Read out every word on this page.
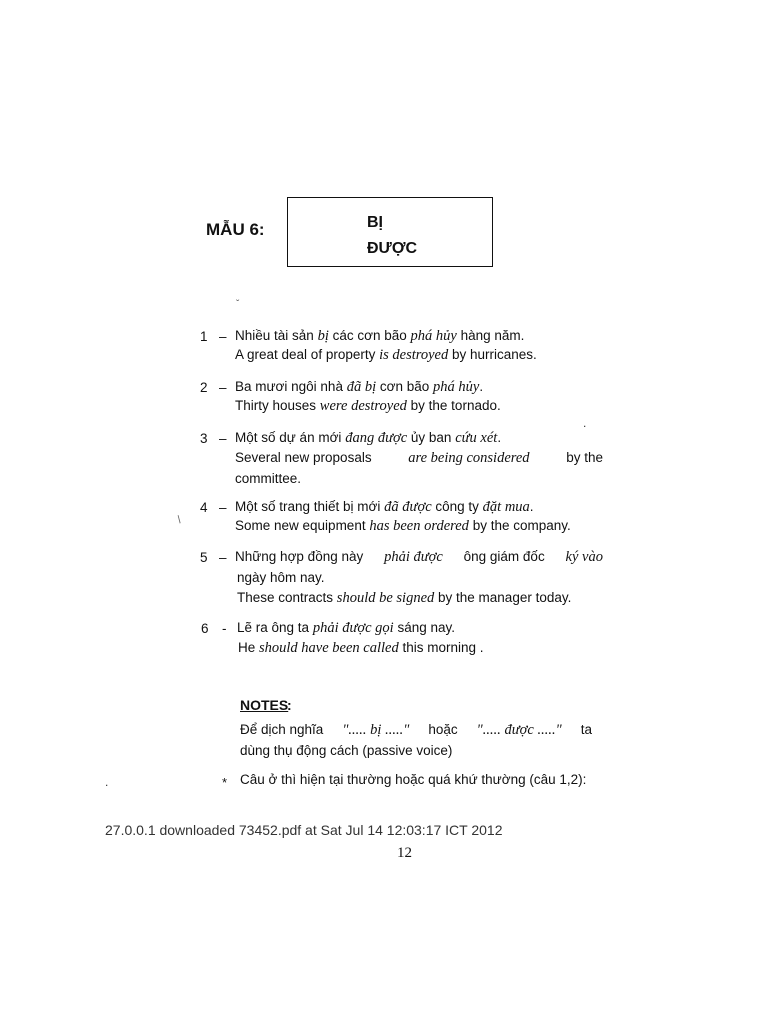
MẪU 6:	BỊ
ĐƯỢC
ˇ
1 – Nhiều tài sản bị các cơn bão phá hủy hàng năm.
A great deal of property is destroyed by hurricanes.
2 – Ba mươi ngôi nhà đã bị cơn bão phá hủy.
Thirty houses were destroyed by the tornado.
3 – Một số dự án mới đang được ủy ban cứu xét.
Several new proposals	are being considered	by the
committee.
.
4 – Một số trang thiết bị mới đã được công ty đặt mua.
Some new equipment has been ordered by the company.
/
5 – Những hợp đồng này phải được ông giám đốc ký vào
ngày hôm nay.
These contracts should be signed by the manager today.
6 - Lẽ ra ông ta phải được gọi sáng nay.
He should have been called this morning .
NOTES
:
Để dịch nghĩa "..... bị ....." hoặc "..... được ....." ta
dùng thụ động cách (passive voice)
* Câu ở thì hiện tại thường hoặc quá khứ thường (câu 1,2):
.
27.0.0.1 downloaded 73452.pdf at Sat Jul 14 12:03:17 ICT 2012
12
